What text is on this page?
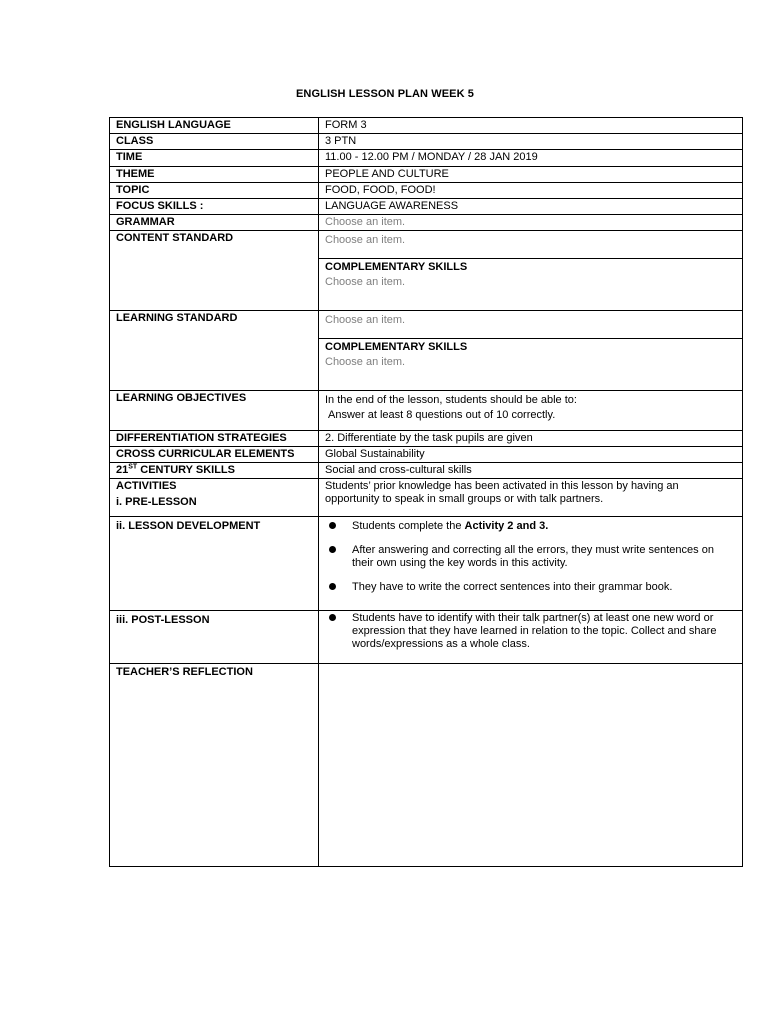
ENGLISH LESSON PLAN WEEK 5
ENGLISH LANGUAGE	FORM 3
CLASS	3 PTN
TIME	11.00 - 12.00 PM / MONDAY / 28 JAN 2019
THEME	PEOPLE AND CULTURE
TOPIC	FOOD, FOOD, FOOD!
FOCUS SKILLS :	LANGUAGE AWARENESS
GRAMMAR	Choose an item.
CONTENT STANDARD	Choose an item.
COMPLEMENTARY SKILLS
Choose an item.

LEARNING STANDARD	Choose an item.
COMPLEMENTARY SKILLS
Choose an item.

LEARNING OBJECTIVES	In the end of the lesson, students should be able to:
Answer at least 8 questions out of 10 correctly.

DIFFERENTIATION STRATEGIES	2. Differentiate by the task pupils are given
CROSS CURRICULAR ELEMENTS	Global Sustainability
21ST CENTURY SKILLS	Social and cross-cultural skills

ACTIVITIES
i. PRE-LESSON	Students’ prior knowledge has been activated in this lesson by having an opportunity to speak in small groups or with talk partners.
ii. LESSON DEVELOPMENT	Students complete the Activity 2 and 3.
After answering and correcting all the errors, they must write sentences on their own using the key words in this activity.
They have to write the correct sentences into their grammar book.

iii. POST-LESSON	Students have to identify with their talk partner(s) at least one new word or expression that they have learned in relation to the topic. Collect and share words/expressions as a whole class.

TEACHER’S REFLECTION	
